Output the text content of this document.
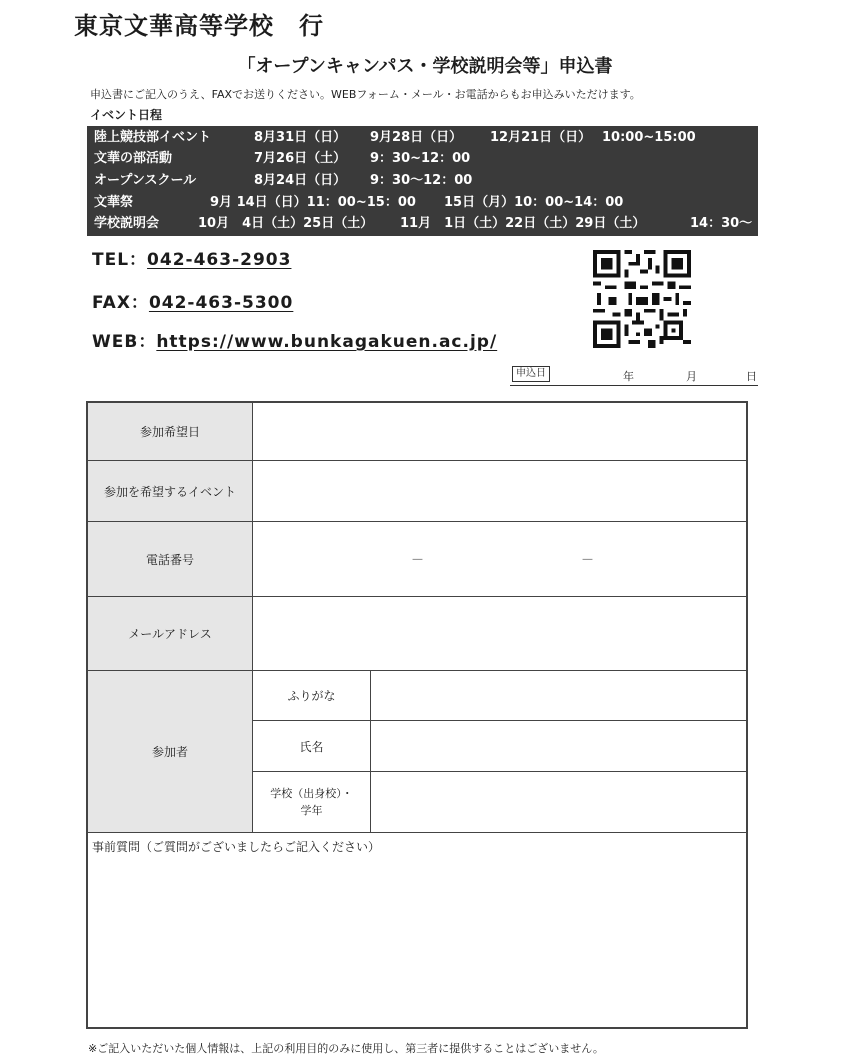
東京文華高等学校　行
「オープンキャンパス・学校説明会等」申込書
申込書にご記入のうえ、FAXでお送りください。WEBフォーム・メール・お電話からもお申込みいただけます。
イベント日程
陸上競技部イベント	8月31日（日） 9月28日（日） 12月21日（日） 10:00~15:00
文華の部活動	7月26日（土） 9：30~12：00
オープンスクール	8月24日（日） 9：30〜12：00
文華祭	9月 14日（日）11：00~15：00 15日（月）10：00~14：00
学校説明会	10月　4日（土）25日（土） 11月　1日（土）22日（土）29日（土）	14：30〜
TEL：042-463-2903
FAX：042-463-5300
WEB：https://www.bunkagakuen.ac.jp/
申込日	年	月	日
参加希望日
参加を希望するイベント
電話番号	－	－
メールアドレス
参加者
ふりがな
氏名
学校（出身校）・
学年
事前質問（ご質問がございましたらご記入ください）
※ご記入いただいた個人情報は、上記の利用目的のみに使用し、第三者に提供することはございません。
